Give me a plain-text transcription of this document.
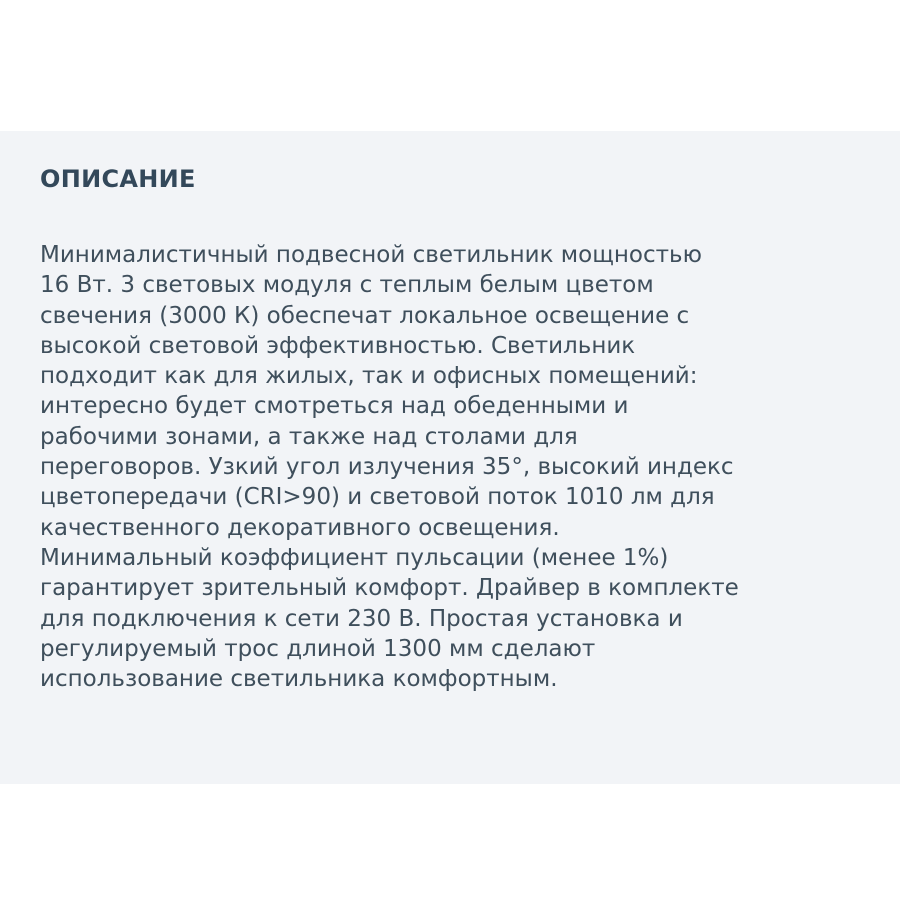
ОПИСАНИЕ
Минималистичный подвесной светильник мощностью
16 Вт. 3 световых модуля с теплым белым цветом
свечения (3000 К) обеспечат локальное освещение с
высокой световой эффективностью. Светильник
подходит как для жилых, так и офисных помещений:
интересно будет смотреться над обеденными и
рабочими зонами, а также над столами для
переговоров. Узкий угол излучения 35°, высокий индекс
цветопередачи (CRI>90) и световой поток 1010 лм для
качественного декоративного освещения.
Минимальный коэффициент пульсации (менее 1%)
гарантирует зрительный комфорт. Драйвер в комплекте
для подключения к сети 230 В. Простая установка и
регулируемый трос длиной 1300 мм сделают
использование светильника комфортным.
